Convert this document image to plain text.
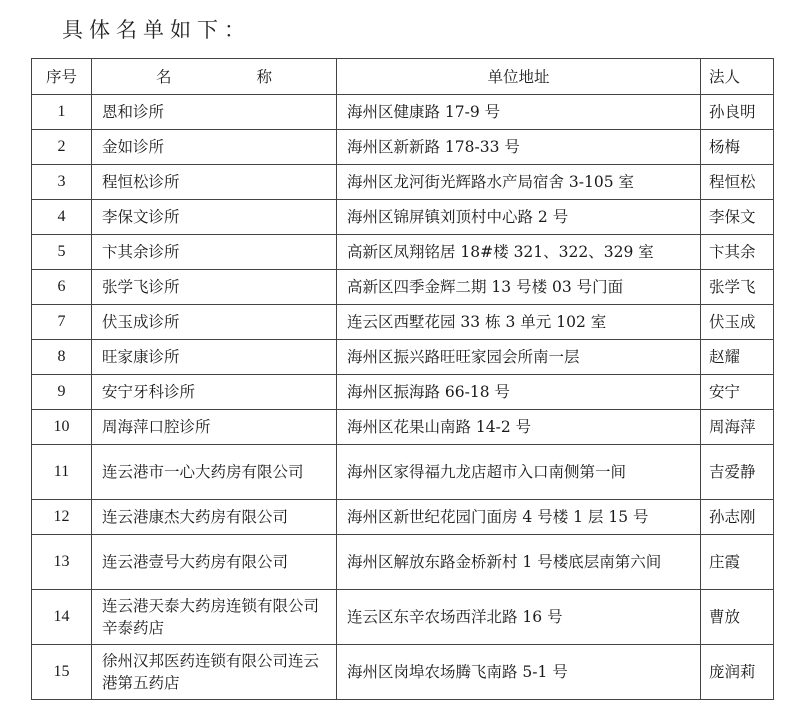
具体名单如下：
序号	名 称	单位地址	法人
1	恩和诊所	海州区健康路 17-9 号	孙良明
2	金如诊所	海州区新新路 178-33 号	杨梅
3	程恒松诊所	海州区龙河街光辉路水产局宿舍 3-105 室	程恒松
4	李保文诊所	海州区锦屏镇刘顶村中心路 2 号	李保文
5	卞其余诊所	高新区凤翔铭居 18#楼 321、322、329 室	卞其余
6	张学飞诊所	高新区四季金辉二期 13 号楼 03 号门面	张学飞
7	伏玉成诊所	连云区西墅花园 33 栋 3 单元 102 室	伏玉成
8	旺家康诊所	海州区振兴路旺旺家园会所南一层	赵耀
9	安宁牙科诊所	海州区振海路 66-18 号	安宁
10	周海萍口腔诊所	海州区花果山南路 14-2 号	周海萍
11	连云港市一心大药房有限公司	海州区家得福九龙店超市入口南侧第一间	吉爱静
12	连云港康杰大药房有限公司	海州区新世纪花园门面房 4 号楼 1 层 15 号	孙志刚
13	连云港壹号大药房有限公司	海州区解放东路金桥新村 1 号楼底层南第六间	庄霞
14	连云港天泰大药房连锁有限公司辛泰药店	连云区东辛农场西洋北路 16 号	曹放
15	徐州汉邦医药连锁有限公司连云港第五药店	海州区岗埠农场腾飞南路 5-1 号	庞润莉
